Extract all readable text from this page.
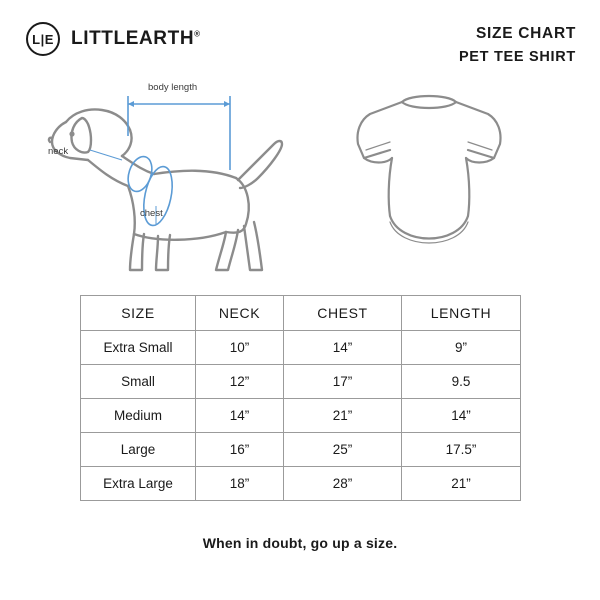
L|E LITTLEARTH®	SIZE CHART
PET TEE SHIRT
body length
neck
chest
SIZE	NECK	CHEST	LENGTH
Extra Small	10”	14”	9”
Small	12”	17”	9.5
Medium	14”	21”	14”
Large	16”	25”	17.5”
Extra Large	18”	28”	21”
When in doubt, go up a size.
